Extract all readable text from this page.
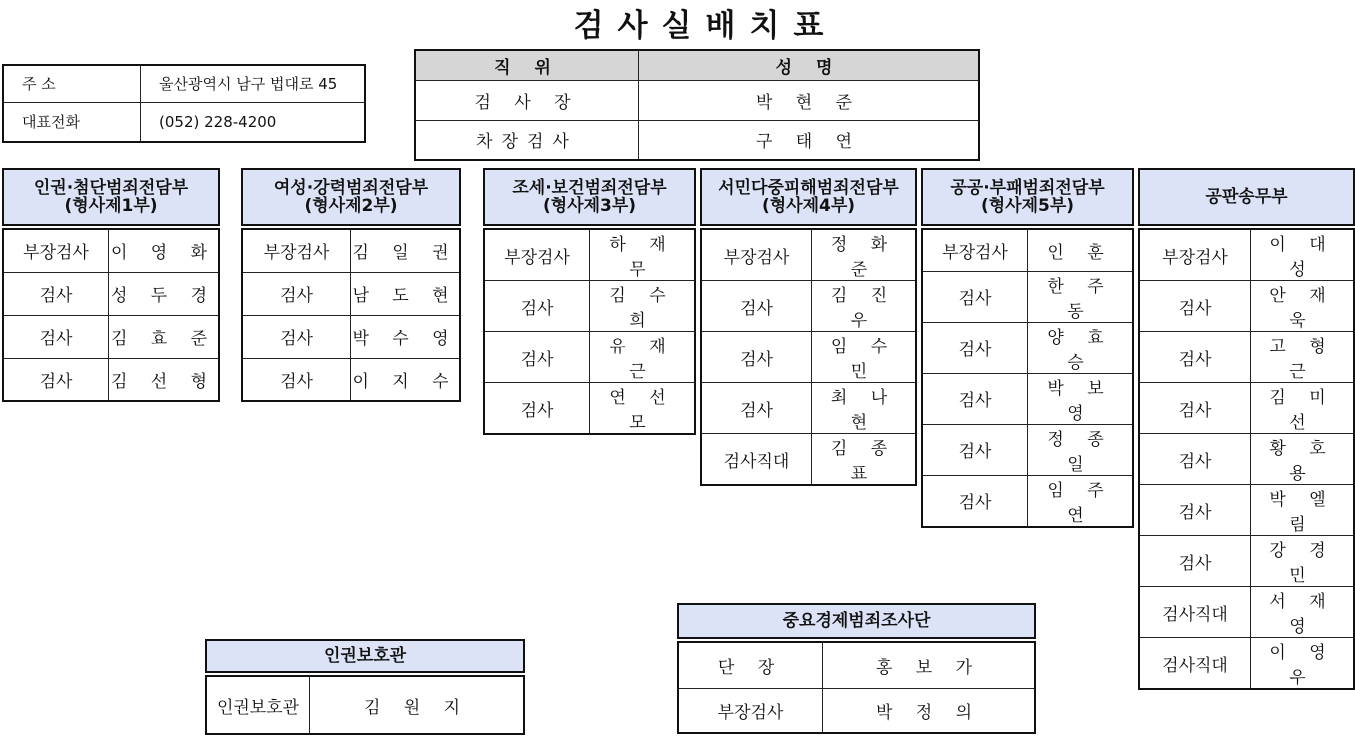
검사실배치표
주 소	울산광역시 남구 법대로 45
대표전화	(052) 228-4200
직 위	성 명
검 사 장	박 현 준
차장검사	구 태 연
인권·첨단범죄전담부
(형사제1부)
부장검사	이 영 화
검사	성 두 경
검사	김 효 준
검사	김 선 형
여성·강력범죄전담부
(형사제2부)
부장검사	김 일 권
검사	남 도 현
검사	박 수 영
검사	이 지 수
조세·보건범죄전담부
(형사제3부)
부장검사	하 재 무
검사	김 수 희
검사	유 재 근
검사	연 선 모
서민다중피해범죄전담부
(형사제4부)
부장검사	정 화 준
검사	김 진 우
검사	임 수 민
검사	최 나 현
검사직대	김 종 표
공공·부패범죄전담부
(형사제5부)
부장검사	인 훈
검사	한 주 동
검사	양 효 승
검사	박 보 영
검사	정 종 일
검사	임 주 연
공판송무부
부장검사	이 대 성
검사	안 재 욱
검사	고 형 근
검사	김 미 선
검사	황 호 용
검사	박 엘 림
검사	강 경 민
검사직대	서 재 영
검사직대	이 영 우
인권보호관
인권보호관	김 원 지
중요경제범죄조사단
단 장	홍 보 가
부장검사	박 정 의
